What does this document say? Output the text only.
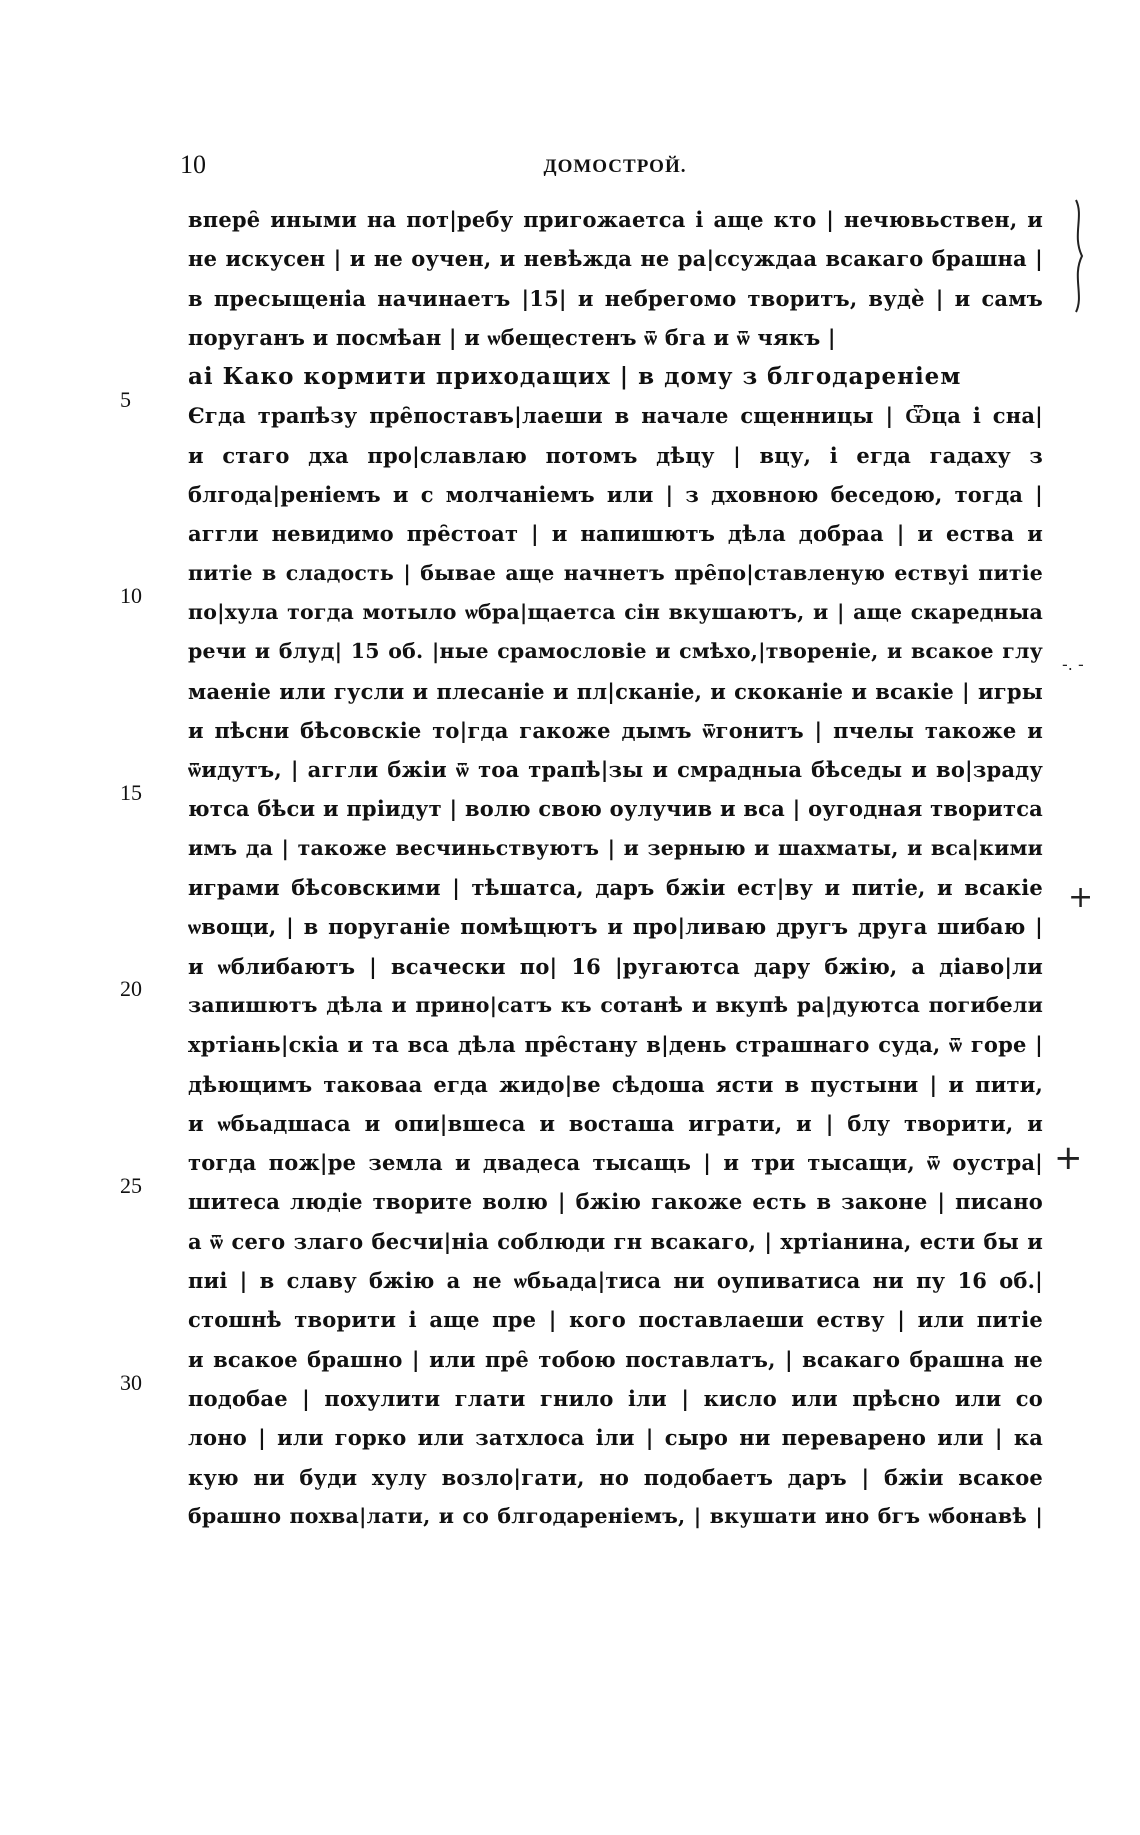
10	ДОМОСТРОЙ.
5
10
15
20
25
30
-. -
+
+
впере̑ иными на пот|ребу пригожаетса і аще кто | нечювьствен, и
не искусен | и не оучен, и невѣжда не ра|ссуждаа всакаго брашна |
в пресыщеніа начинаетъ |15| и небрегомо творитъ, вудѐ | и самъ
поруганъ и посмѣан | и ѡбещестенъ ѿ бга и ѿ чякъ |
аі Како кормити приходащих | в дому з блгодареніем
Єгда трапѣзу пре̑поставъ|лаеши в начале сщенницы | Ѿца і сна|
и стаго дха про|славлаю потомъ дѣцу | вцу, і егда гадаху з
блгода|реніемъ и с молчаніемъ или | з дховною беседою, тогда |
аггли невидимо пре̑стоат | и напишютъ дѣла добраа | и ества и
питіе в сладость | бывае аще начнетъ пре̑по|ставленую ествуі питіе
по|хула тогда мотыло ѡбра|щаетса сін вкушаютъ, и | аще скаредныа
речи и блуд| 15 об. |ные срамословіе и смѣхо,|твореніе, и всакое глу
маеніе или гусли и плесаніе и пл|сканіе, и скоканіе и всакіе | игры
и пѣсни бѣсовскіе то|гда гакоже дымъ ѿгонитъ | пчелы такоже и
ѿидутъ, | аггли бжіи ѿ тоа трапѣ|зы и смрадныа бѣседы и во|зраду
ютса бѣси и пріидут | волю свою оулучив и вса | оугодная творитса
имъ да | такоже весчиньствуютъ | и зерныю и шахматы, и вса|кими
играми бѣсовскими | тѣшатса, даръ бжіи ест|ву и питіе, и всакіе
ѡвощи, | в поруганіе помѣщютъ и про|ливаю другъ друга шибаю |
и ѡблибаютъ | всачески по| 16 |ругаютса дару бжію, а діаво|ли
запишютъ дѣла и прино|сатъ къ сотанѣ и вкупѣ ра|дуютса погибели
хртіань|скіа и та вса дѣла пре̑стану в|день страшнаго суда, ѿ горе |
дѣющимъ таковаа егда жидо|ве сѣдоша ясти в пустыни | и пити,
и ѡбьадшаса и опи|вшеса и восташа играти, и | блу творити, и
тогда пож|ре земла и двадеса тысащь | и три тысащи, ѿ оустра|
шитеса людіе творите волю | бжію гакоже есть в законе | писано
а ѿ сего злаго бесчи|ніа соблюди гн всакаго, | хртіанина, ести бы и
пиі | в славу бжію а не ѡбьада|тиса ни оупиватиса ни пу 16 об.|
стошнѣ творити і аще пре | кого поставлаеши еству | или питіе
и всакое брашно | или пре̑ тобою поставлатъ, | всакаго брашна не
подобае | похулити глати гнило іли | кисло или прѣсно или со
лоно | или горко или затхлоса іли | сыро ни переварено или | ка
кую ни буди хулу возло|гати, но подобаетъ даръ | бжіи всакое
брашно похва|лати, и со блгодареніемъ, | вкушати ино бгъ ѡбонавѣ |
